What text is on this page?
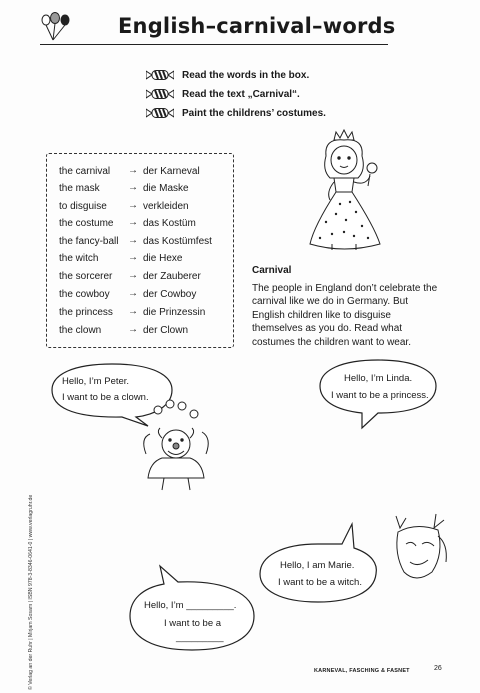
English–carnival–words
Read the words in the box.
Read the text „Carnival“.
Paint the childrens’ costumes.
the carnival → der Karneval
the mask	→ die Maske
to disguise → verkleiden
the costume → das Kostüm
the fancy-ball → das Kostümfest
the witch	→ die Hexe
the sorcerer → der Zauberer
the cowboy → der Cowboy
the princess → die Prinzessin
the clown	→ der Clown
Carnival
The people in England don’t celebrate the carnival like we do in Germany. But English children like to disguise themselves as you do. Read what costumes the children want to wear.
Hello, I’m Peter.
I want to be a clown.
Hello, I’m Linda.
I want to be a princess.
Hello, I am Marie.
I want to be a witch.
Hello, I’m _________.
I want to be a
_________
© Verlag an der Ruhr | Mirjam Sosam | ISBN 978-3-8346-0641-0 | www.verlagruhr.de	KARNEVAL, FASCHING & FASNET	26
